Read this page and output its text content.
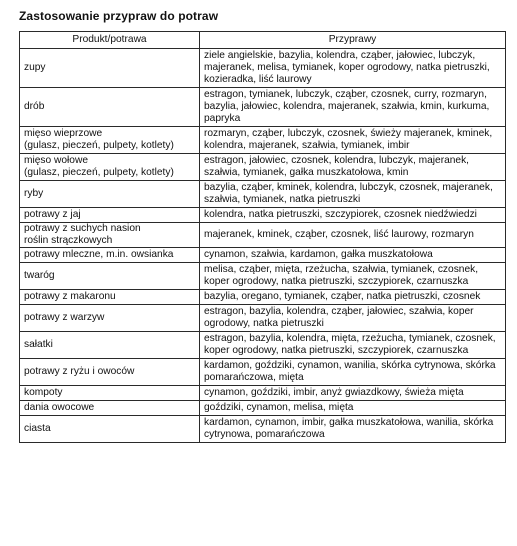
Zastosowanie przypraw do potraw
Produkt/potrawa	Przyprawy
zupy	ziele angielskie, bazylia, kolendra, cząber, jałowiec, lubczyk, majeranek, melisa, tymianek, koper ogrodowy, natka pietruszki, kozieradka, liść laurowy
drób	estragon, tymianek, lubczyk, cząber, czosnek, curry, rozmaryn, bazylia, jałowiec, kolendra, majeranek, szałwia, kmin, kurkuma, papryka
mięso wieprzowe
(gulasz, pieczeń, pulpety, kotlety)	rozmaryn, cząber, lubczyk, czosnek, świeży majeranek, kminek, kolendra, majeranek, szałwia, tymianek, imbir
mięso wołowe
(gulasz, pieczeń, pulpety, kotlety)	estragon, jałowiec, czosnek, kolendra, lubczyk, majeranek, szałwia, tymianek, gałka muszkatołowa, kmin
ryby	bazylia, cząber, kminek, kolendra, lubczyk, czosnek, majeranek, szałwia, tymianek, natka pietruszki
potrawy z jaj	kolendra, natka pietruszki, szczypiorek, czosnek niedźwiedzi
potrawy z suchych nasion
roślin strączkowych	majeranek, kminek, cząber, czosnek, liść laurowy, rozmaryn
potrawy mleczne, m.in. owsianka	cynamon, szałwia, kardamon, gałka muszkatołowa
twaróg	melisa, cząber, mięta, rzeżucha, szałwia, tymianek, czosnek, koper ogrodowy, natka pietruszki, szczypiorek, czarnuszka
potrawy z makaronu	bazylia, oregano, tymianek, cząber, natka pietruszki, czosnek
potrawy z warzyw	estragon, bazylia, kolendra, cząber, jałowiec, szałwia, koper ogrodowy, natka pietruszki
sałatki	estragon, bazylia, kolendra, mięta, rzeżucha, tymianek, czosnek, koper ogrodowy, natka pietruszki, szczypiorek, czarnuszka
potrawy z ryżu i owoców	kardamon, goździki, cynamon, wanilia, skórka cytrynowa, skórka pomarańczowa, mięta
kompoty	cynamon, goździki, imbir, anyż gwiazdkowy, świeża mięta
dania owocowe	goździki, cynamon, melisa, mięta
ciasta	kardamon, cynamon, imbir, gałka muszkatołowa, wanilia, skórka cytrynowa, pomarańczowa
